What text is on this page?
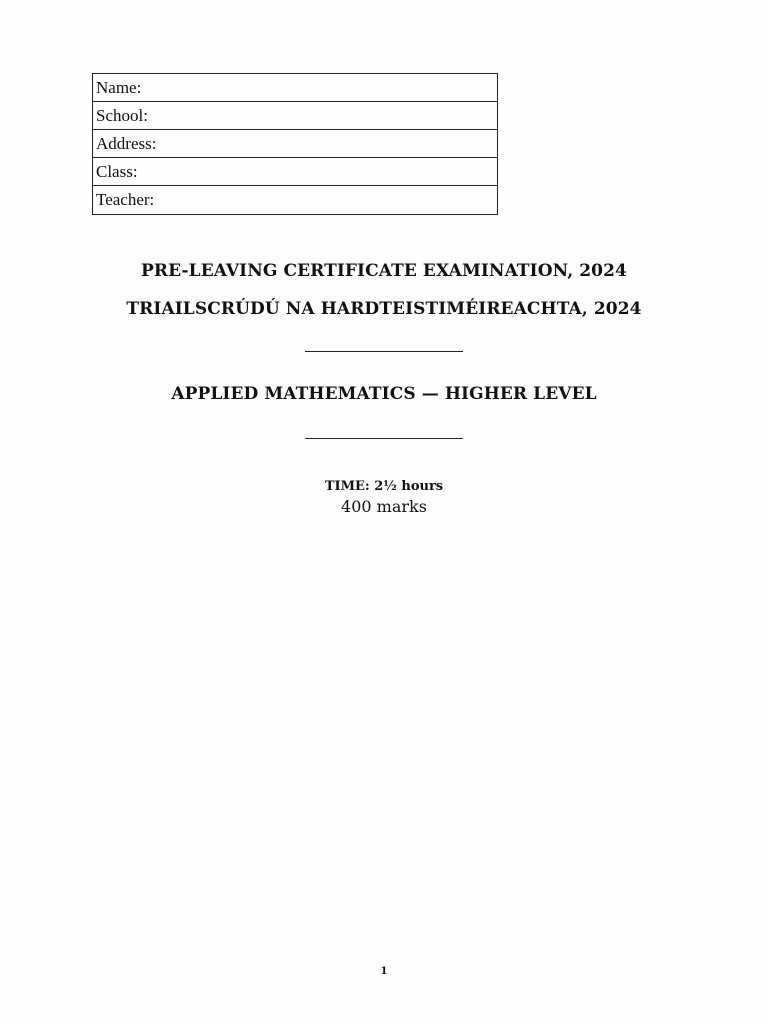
Name:
School:
Address:
Class:
Teacher:
PRE-LEAVING CERTIFICATE EXAMINATION, 2024
TRIAILSCRÚDÚ NA HARDTEISTIMÉIREACHTA, 2024
APPLIED MATHEMATICS — HIGHER LEVEL
TIME: 2½ hours
400 marks
1
